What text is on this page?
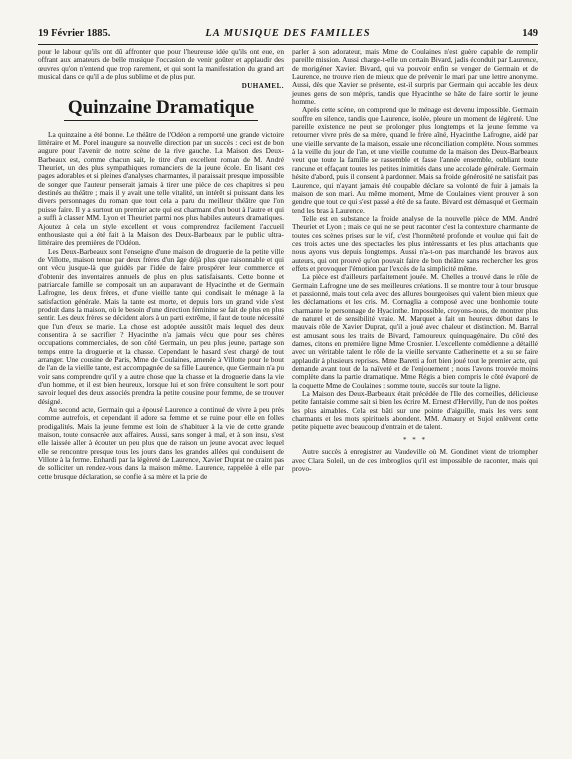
19 Février 1885.	LA MUSIQUE DES FAMILLES	149

pour le labour qu'ils ont dû affronter que pour l'heureuse idée qu'ils ont eue, en offrant aux amateurs de belle musique l'occasion de venir goûter et applaudir des œuvres qu'on n'entend que trop rarement, et qui sont la manifestation du grand art musical dans ce qu'il a de plus sublime et de plus pur.

DUHAMEL.
Quinzaine Dramatique

La quinzaine a été bonne. Le théâtre de l'Odéon a remporté une grande victoire littéraire et M. Porel inaugure sa nouvelle direction par un succès : ceci est de bon augure pour l'avenir de notre scène de la rive gauche. La Maison des Deux-Barbeaux est, comme chacun sait, le titre d'un excellent roman de M. André Theuriet, un des plus sympathiques romanciers de la jeune école. En lisant ces pages adorables et si pleines d'analyses charmantes, il paraissait presque impossible de songer que l'auteur penserait jamais à tirer une pièce de ces chapitres si peu destinés au théâtre ; mais il y avait une telle vitalité, un intérêt si puissant dans les divers personnages du roman que tout cela a paru du meilleur théâtre que l'on puisse faire. Il y a surtout un premier acte qui est charmant d'un bout à l'autre et qui a suffi à classer MM. Lyon et Theuriet parmi nos plus habiles auteurs dramatiques. Ajoutez à cela un style excellent et vous comprendrez facilement l'accueil enthousiaste qui a été fait à la Maison des Deux-Barbeaux par le public ultra-littéraire des premières de l'Odéon.

Les Deux-Barbeaux sont l'enseigne d'une maison de droguerie de la petite ville de Villotte, maison tenue par deux frères d'un âge déjà plus que raisonnable et qui ont vécu jusque-là que guidés par l'idée de faire prospérer leur commerce et d'obtenir des inventaires annuels de plus en plus satisfaisants. Cette bonne et patriarcale famille se composait un an auparavant de Hyacinthe et de Germain Lafrogne, les deux frères, et d'une vieille tante qui condisait le ménage à la satisfaction générale. Mais la tante est morte, et depuis lors un grand vide s'est produit dans la maison, où le besoin d'une direction féminine se fait de plus en plus sentir. Les deux frères se décident alors à un parti extrême, il faut de toute nécessité que l'un d'eux se marie. La chose est adoptée aussitôt mais lequel des deux consentira à se sacrifier ? Hyacinthe n'a jamais vécu que pour ses chères occupations commerciales, de son côté Germain, un peu plus jeune, partage son temps entre la droguerie et la chasse. Cependant le hasard s'est chargé de tout arranger. Une cousine de Paris, Mme de Coulaines, amenée à Villotte pour le bout de l'an de la vieille tante, est accompagnée de sa fille Laurence, que Germain n'a pu voir sans comprendre qu'il y a autre chose que la chasse et la droguerie dans la vie d'un homme, et il est bien heureux, lorsque lui et son frère consultent le sort pour savoir lequel des deux associés prendra la petite cousine pour femme, de se trouver désigné.

Au second acte, Germain qui a épousé Laurence a continué de vivre à peu près comme autrefois, et cependant il adore sa femme et se ruine pour elle en folles prodigalités. Mais la jeune femme est loin de s'habituer à la vie de cette grande maison, toute consacrée aux affaires. Aussi, sans songer à mal, et à son insu, s'est elle laissée aller à écouter un peu plus que de raison un jeune avocat avec lequel elle se rencontre presque tous les jours dans les grandes allées qui conduisent de Villote à la ferme. Enhardi par la légèreté de Laurence, Xavier Duprat ne craint pas de solliciter un rendez-vous dans la maison même. Laurence, rappelée à elle par cette brusque déclaration, se confie à sa mère et la prie de

parler à son adorateur, mais Mme de Coulaines n'est guère capable de remplir pareille mission. Aussi charge-t-elle un certain Bivard, jadis éconduit par Laurence, de morigéner Xavier. Bivard, qui va pouvoir enfin se venger de Germain et de Laurence, ne trouve rien de mieux que de prévenir le mari par une lettre anonyme. Aussi, dès que Xavier se présente, est-il surpris par Germain qui accable les deux jeunes gens de son mépris, tandis que Hyacinthe se hâte de faire sortir le jeune homme.

Après cette scène, on comprend que le ménage est devenu impossible. Germain souffre en silence, tandis que Laurence, isolée, pleure un moment de légèreté. Une pareille existence ne peut se prolonger plus longtemps et la jeune femme va retourner vivre près de sa mère, quand le frère aîné, Hyacinthe Lafrogne, aidé par une vieille servante de la maison, essaie une réconciliation complète. Nous sommes à la veille du jour de l'an, et une vieille coutume de la maison des Deux-Barbeaux veut que toute la famille se rassemble et fasse l'année ensemble, oubliant toute rancune et effaçant toutes les petites inimitiés dans une accolade générale. Germain hésite d'abord, puis il consent à pardonner. Mais sa froide générosité ne satisfait pas Laurence, qui n'ayant jamais été coupable déclare sa volonté de fuir à jamais la maison de son mari. Au même moment, Mme de Coulaines vient prouver à son gendre que tout ce qui s'est passé a été de sa faute. Bivard est démasqué et Germain tend les bras à Laurence.

Telle est en substance la froide analyse de la nouvelle pièce de MM. André Theuriet et Lyon ; mais ce qui ne se peut raconter c'est la contexture charmante de toutes ces scènes prises sur le vif, c'est l'honnêteté profonde et voulue qui fait de ces trois actes une des spectacles les plus intéressants et les plus attachants que nous ayons vus depuis longtemps. Aussi n'a-t-on pas marchandé les bravos aux auteurs, qui ont prouvé qu'on pouvait faire de bon théâtre sans rechercher les gros effets et provoquer l'émotion par l'excès de la simplicité même.

La pièce est d'ailleurs parfaitement jouée. M. Chelles a trouvé dans le rôle de Germain Lafrogne une de ses meilleures créations. Il se montre tour à tour brusque et passionné, mais tout cela avec des allures bourgeoises qui valent bien mieux que les déclamations et les cris. M. Cornaglia a composé avec une bonhomie toute charmante le personnage de Hyacinthe. Impossible, croyons-nous, de montrer plus de naturel et de sensibilité vraie. M. Marquet a fait un heureux début dans le mauvais rôle de Xavier Duprat, qu'il a joué avec chaleur et distinction. M. Barral est amusant sous les traits de Bivard, l'amoureux quinquagénaire. Du côté des dames, citons en première ligne Mme Crosnier. L'excellente comédienne a détaillé avec un véritable talent le rôle de la vieille servante Catherinette et a su se faire applaudir à plusieurs reprises. Mme Baretti a fort bien joué tout le premier acte, qui demande avant tout de la naïveté et de l'enjouement ; nous l'avons trouvée moins complète dans la partie dramatique. Mme Régis a bien compris le côté évaporé de la coquette Mme de Coulaines : somme toute, succès sur toute la ligne.

La Maison des Deux-Barbeaux était précédée de l'Ile des corneilles, délicieuse petite fantaisie comme sait si bien les écrire M. Ernest d'Hervilly, l'un de nos poètes les plus aimables. Cela est bâti sur une pointe d'aiguille, mais les vers sont charmants et les mots spirituels abondent. MM. Amaury et Sujol enlèvent cette petite piquette avec beaucoup d'entrain et de talent.

* * *

Autre succès à enregistrer au Vaudeville où M. Gondinet vient de triompher avec Clara Soleil, un de ces imbroglios qu'il est impossible de raconter, mais qui provo-
